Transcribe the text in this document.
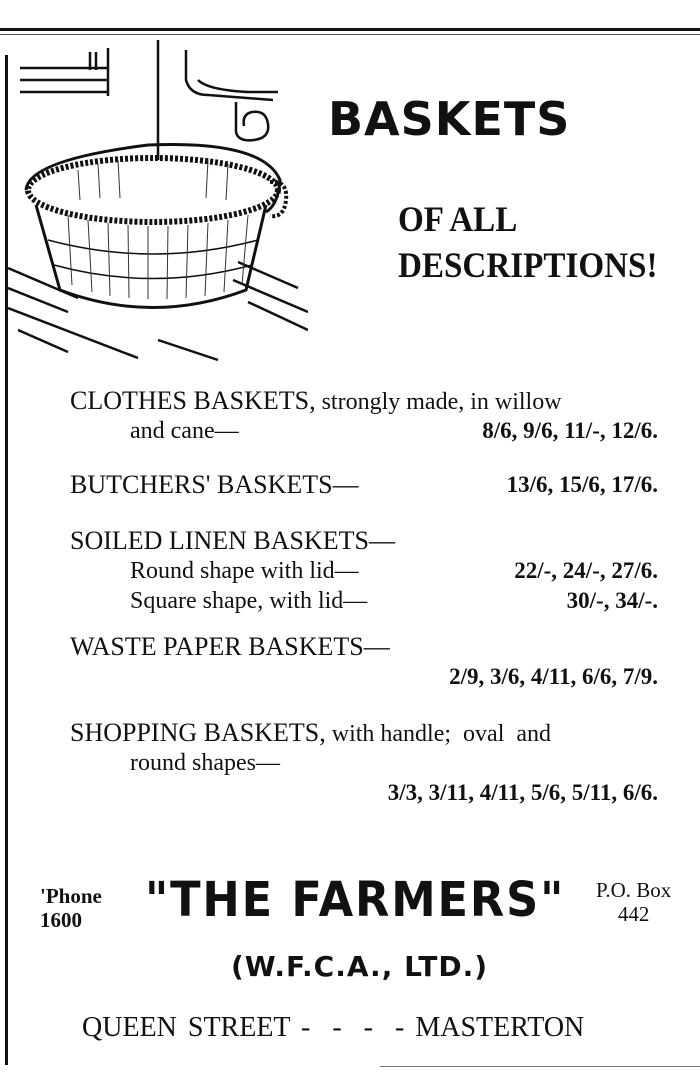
BASKETS
OF ALL
DESCRIPTIONS!
CLOTHES BASKETS, strongly made, in willow
and cane—	8/6, 9/6, 11/-, 12/6.
BUTCHERS' BASKETS—	13/6, 15/6, 17/6.
SOILED LINEN BASKETS—
Round shape with lid—	22/-, 24/-, 27/6.
Square shape, with lid—	30/-, 34/-.
WASTE PAPER BASKETS—
2/9, 3/6, 4/11, 6/6, 7/9.
SHOPPING BASKETS, with handle;  oval  and
round shapes—
3/3, 3/11, 4/11, 5/6, 5/11, 6/6.
'Phone
1600	"THE FARMERS" P.O. Box
442
(W.F.C.A., LTD.)
QUEEN STREET -  -  -  - MASTERTON
